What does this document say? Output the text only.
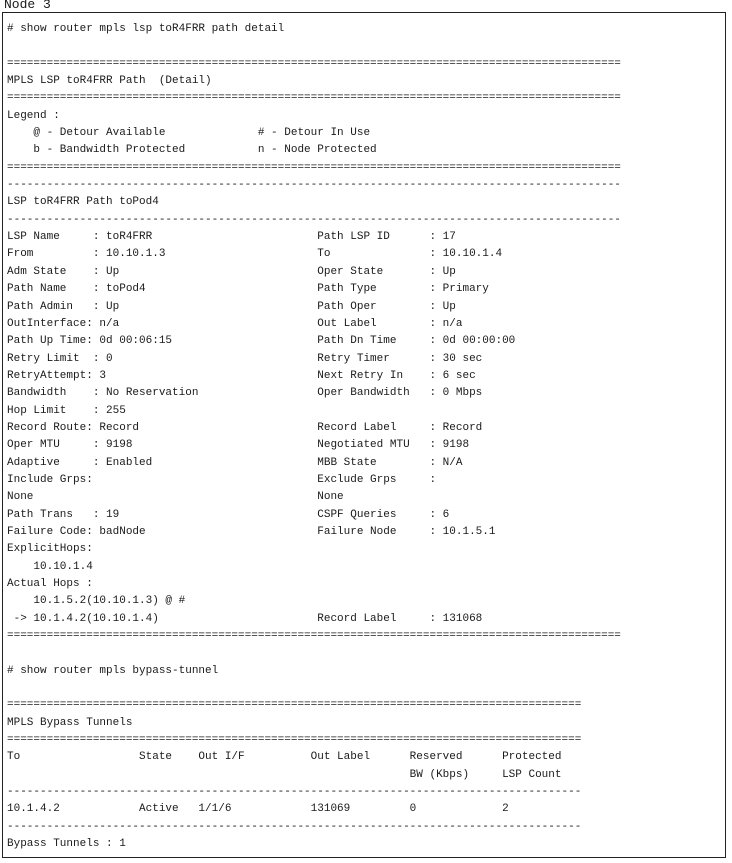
Node 3
# show router mpls lsp toR4FRR path detail
=============================================================================================
MPLS LSP toR4FRR Path  (Detail)
=============================================================================================
Legend :
@ - Detour Available              # - Detour In Use
b - Bandwidth Protected           n - Node Protected
=============================================================================================
---------------------------------------------------------------------------------------------
LSP toR4FRR Path toPod4
---------------------------------------------------------------------------------------------
LSP Name     : toR4FRR                         Path LSP ID      : 17
From         : 10.10.1.3                       To               : 10.10.1.4
Adm State    : Up                              Oper State       : Up
Path Name    : toPod4                          Path Type        : Primary
Path Admin   : Up                              Path Oper        : Up
OutInterface: n/a                              Out Label        : n/a
Path Up Time: 0d 00:06:15                      Path Dn Time     : 0d 00:00:00
Retry Limit  : 0                               Retry Timer      : 30 sec
RetryAttempt: 3                                Next Retry In    : 6 sec
Bandwidth    : No Reservation                  Oper Bandwidth   : 0 Mbps
Hop Limit    : 255
Record Route: Record                           Record Label     : Record
Oper MTU     : 9198                            Negotiated MTU   : 9198
Adaptive     : Enabled                         MBB State        : N/A
Include Grps:                                  Exclude Grps     :
None                                           None
Path Trans   : 19                              CSPF Queries     : 6
Failure Code: badNode                          Failure Node     : 10.1.5.1
ExplicitHops:
10.10.1.4
Actual Hops :
10.1.5.2(10.10.1.3) @ #
-> 10.1.4.2(10.10.1.4)                        Record Label     : 131068
=============================================================================================
# show router mpls bypass-tunnel
=======================================================================================
MPLS Bypass Tunnels
=======================================================================================
To                  State    Out I/F          Out Label      Reserved      Protected
BW (Kbps)     LSP Count
---------------------------------------------------------------------------------------
10.1.4.2            Active   1/1/6            131069         0             2
---------------------------------------------------------------------------------------
Bypass Tunnels : 1
